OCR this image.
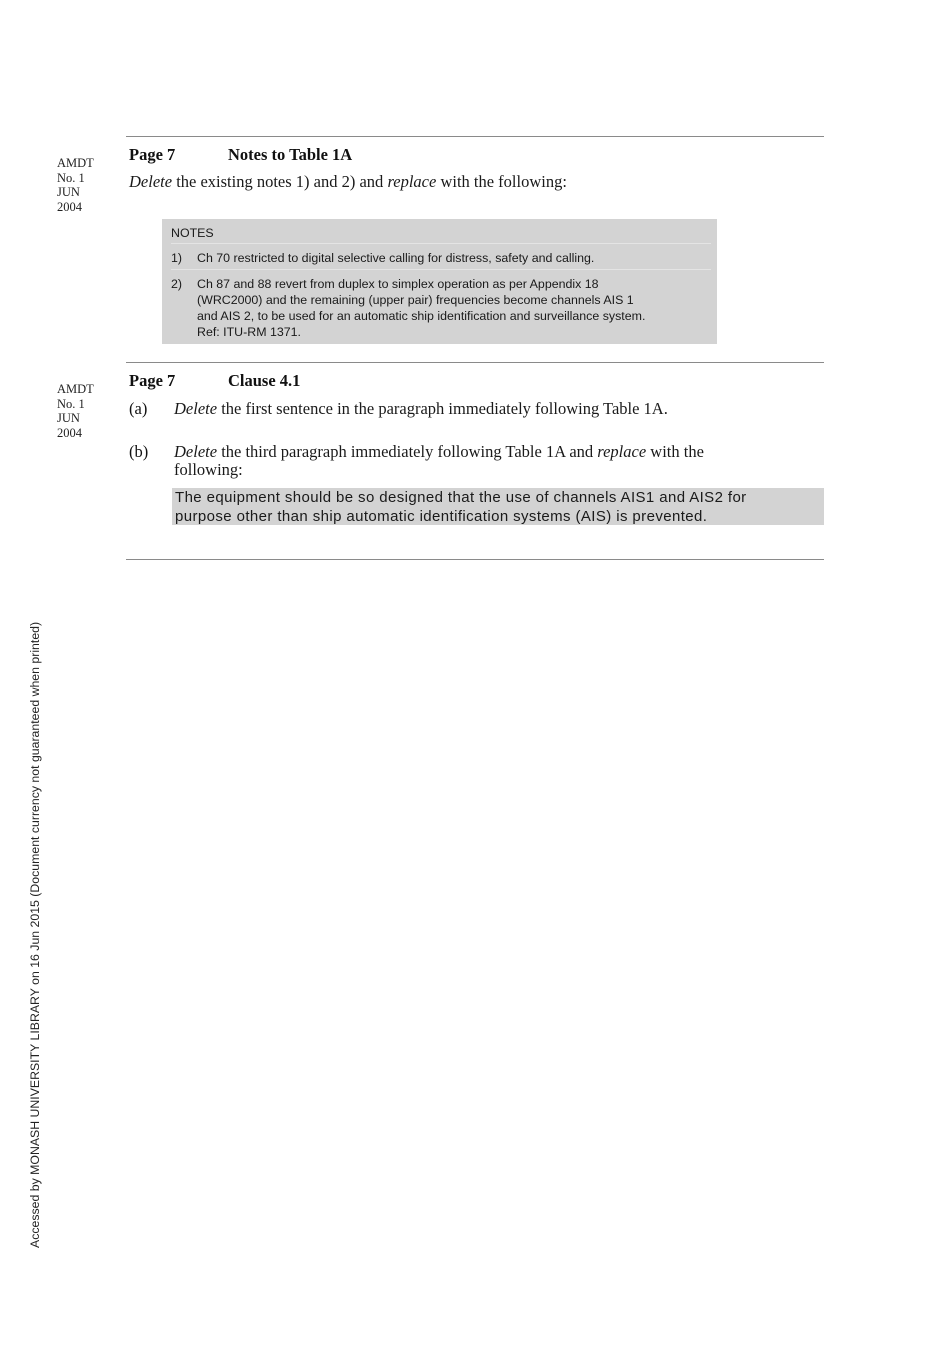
AMDT
No. 1
JUN
2004
Page 7	Notes to Table 1A
Delete the existing notes 1) and 2) and replace with the following:
NOTES
1)	Ch 70 restricted to digital selective calling for distress, safety and calling.
2)	Ch 87 and 88 revert from duplex to simplex operation as per Appendix 18
(WRC2000) and the remaining (upper pair) frequencies become channels AIS 1
and AIS 2, to be used for an automatic ship identification and surveillance system.
Ref: ITU-RM 1371.
AMDT
No. 1
JUN
2004
Page 7	Clause 4.1
(a) Delete the first sentence in the paragraph immediately following Table 1A.
(b) Delete the third paragraph immediately following Table 1A and replace with the
following:
The equipment should be so designed that the use of channels AIS1 and AIS2 for
purpose other than ship automatic identification systems (AIS) is prevented.
Accessed by MONASH UNIVERSITY LIBRARY on 16 Jun 2015 (Document currency not guaranteed when printed)
